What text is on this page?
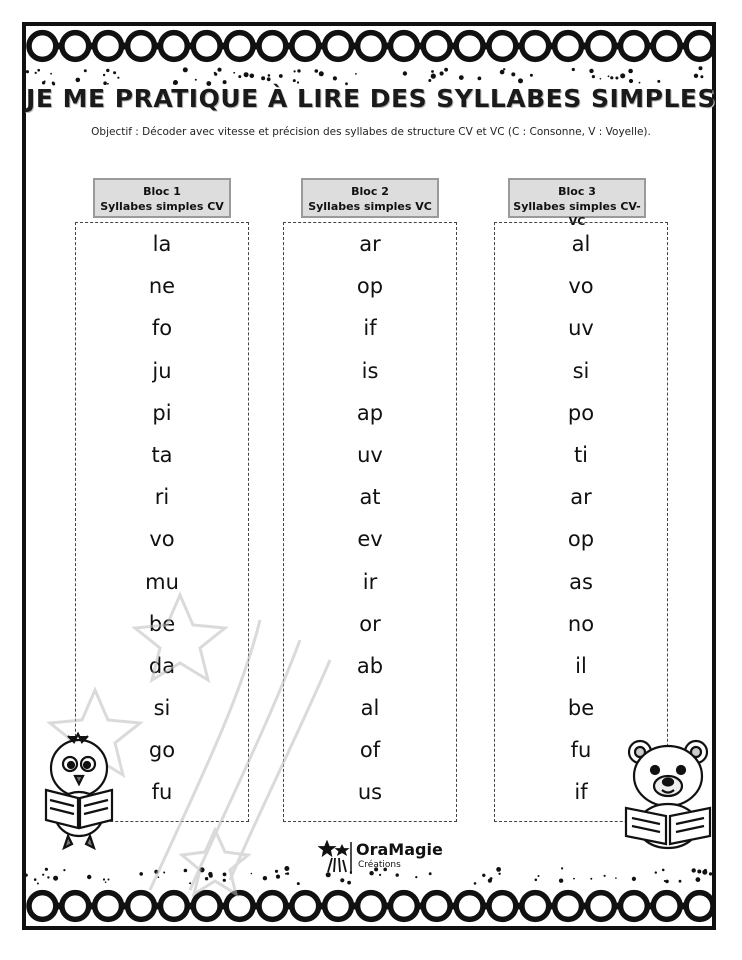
JE ME PRATIQUE À LIRE DES SYLLABES SIMPLES
Objectif : Décoder avec vitesse et précision des syllabes de structure CV et VC (C : Consonne, V : Voyelle).
Bloc 1
Syllabes simples CV
Bloc 2
Syllabes simples VC
Bloc 3
Syllabes simples CV-VC
la
ne
fo
ju
pi
ta
ri
vo
mu
be
da
si
go
fu
ar
op
if
is
ap
uv
at
ev
ir
or
ab
al
of
us
al
vo
uv
si
po
ti
ar
op
as
no
il
be
fu
if
OraMagie
Créations
